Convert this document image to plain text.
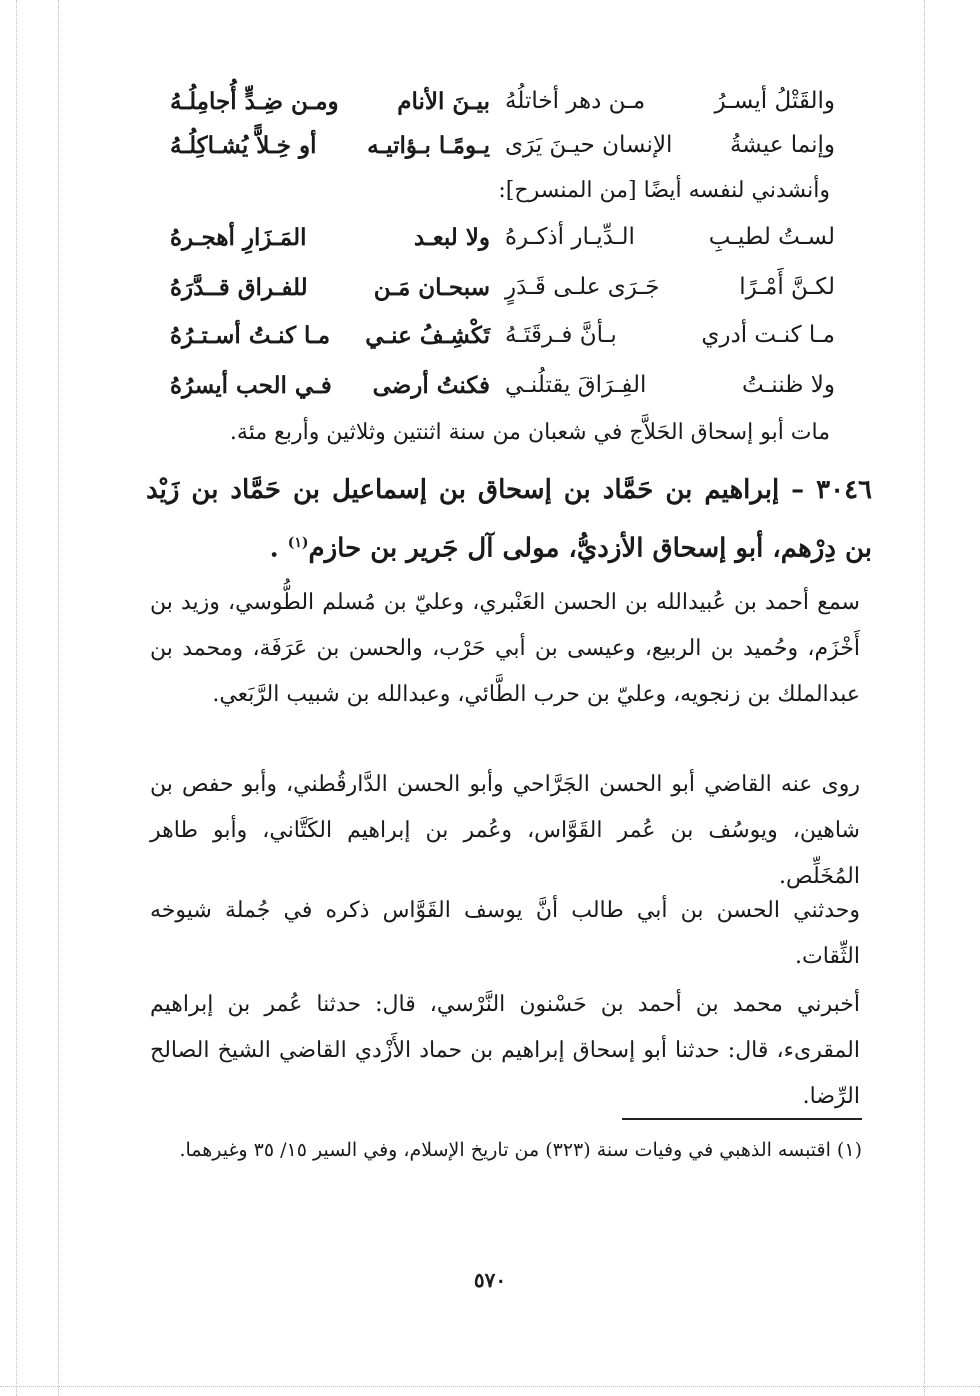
والقَتْلُ أيسـرُ
مـن دهر أخاتلُهُ
بيـنَ الأنام
ومـن ضِـدٍّ أُجامِلُـهُ
وإنما عيشةُ
الإنسان حيـنَ يَرَى
يـومًـا بـؤاتيـه
أو خِـلاًّ يُشـاكِلُـهُ
وأنشدني لنفسه أيضًا [من المنسرح]:
لسـتُ لطيـبِ
الـدِّيـار أذكـرهُ
ولا لبعـد
المَـزَارِ أهجـرهُ
لكـنَّ أَمْـرًا
جَـرَى علـى قَـدَرٍ
سبحـان مَـن
للفـراق قــدَّرَهُ
مـا كنـت أدري
بـأنَّ فـرقَتَـهُ
تَكْشِـفُ عنـي
مـا كنـتُ أسـتـرُهُ
ولا ظننـتُ
الفِـرَاقَ يقتلُنـي
فكنتُ أرضى
فـي الحب أيسرُهُ
مات أبو إسحاق الحَلاَّج في شعبان من سنة اثنتين وثلاثين وأربع مئة.
٣٠٤٦ – إبراهيم بن حَمَّاد بن إسحاق بن إسماعيل بن حَمَّاد بن زَيْد بن دِرْهم، أبو إسحاق الأزديُّ، مولى آل جَرير بن حازم$^{(١)}$ .
سمع أحمد بن عُبيدالله بن الحسن العَنْبري، وعليّ بن مُسلم الطُّوسي، وزيد بن أَخْزَم، وحُميد بن الربيع، وعيسى بن أبي حَرْب، والحسن بن عَرَفَة، ومحمد بن عبدالملك بن زنجويه، وعليّ بن حرب الطَّائي، وعبدالله بن شبيب الرَّبَعي.
روى عنه القاضي أبو الحسن الجَرَّاحي وأبو الحسن الدَّارقُطني، وأبو حفص بن شاهين، ويوسُف بن عُمر القَوَّاس، وعُمر بن إبراهيم الكَتَّاني، وأبو طاهر المُخَلِّص.
وحدثني الحسن بن أبي طالب أنَّ يوسف القَوَّاس ذكره في جُملة شيوخه الثِّقات.
أخبرني محمد بن أحمد بن حَسْنون النَّرْسي، قال: حدثنا عُمر بن إبراهيم المقرىء، قال: حدثنا أبو إسحاق إبراهيم بن حماد الأَزْدي القاضي الشيخ الصالح الرِّضا.
(١) اقتبسه الذهبي في وفيات سنة (٣٢٣) من تاريخ الإسلام، وفي السير ١٥/ ٣٥ وغيرهما.
٥٧٠
